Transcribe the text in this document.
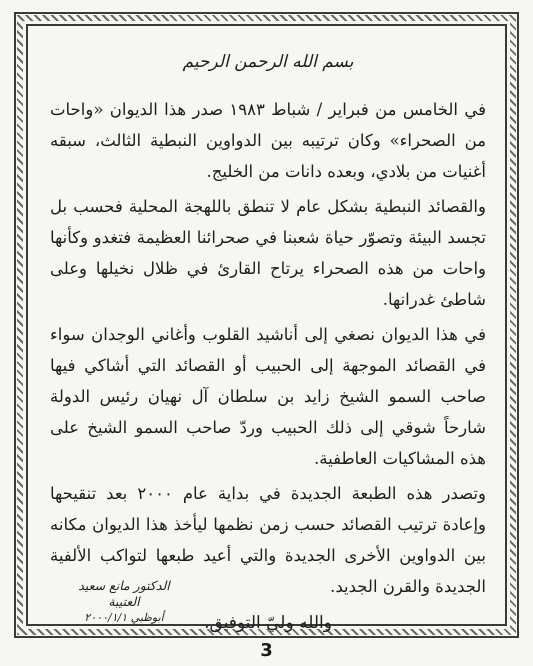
بسم الله الرحمن الرحيم

في الخامس من فبراير / شباط ١٩٨٣ صدر هذا الديوان «واحات من الصحراء» وكان ترتيبه بين الدواوين النبطية الثالث، سبقه أغنيات من بلادي، وبعده دانات من الخليج.

والقصائد النبطية بشكل عام لا تنطق باللهجة المحلية فحسب بل تجسد البيئة وتصوّر حياة شعبنا في صحرائنا العظيمة فتغدو وكأنها واحات من هذه الصحراء يرتاح القارئ في ظلال نخيلها وعلى شاطئ غدرانها.

في هذا الديوان نصغي إلى أناشيد القلوب وأغاني الوجدان سواء في القصائد الموجهة إلى الحبيب أو القصائد التي أشاكي فيها صاحب السمو الشيخ زايد بن سلطان آل نهيان رئيس الدولة شارحاً شوقي إلى ذلك الحبيب وردّ صاحب السمو الشيخ على هذه المشاكيات العاطفية.

وتصدر هذه الطبعة الجديدة في بداية عام ٢٠٠٠ بعد تنقيحها وإعادة ترتيب القصائد حسب زمن نظمها ليأخذ هذا الديوان مكانه بين الدواوين الأخرى الجديدة والتي أعيد طبعها لتواكب الألفية الجديدة والقرن الجديد.

والله وليّ التوفيق.
الدكتور مانع سعيد العتيبة
أبوظبي ٢٠٠٠/١/١
3
